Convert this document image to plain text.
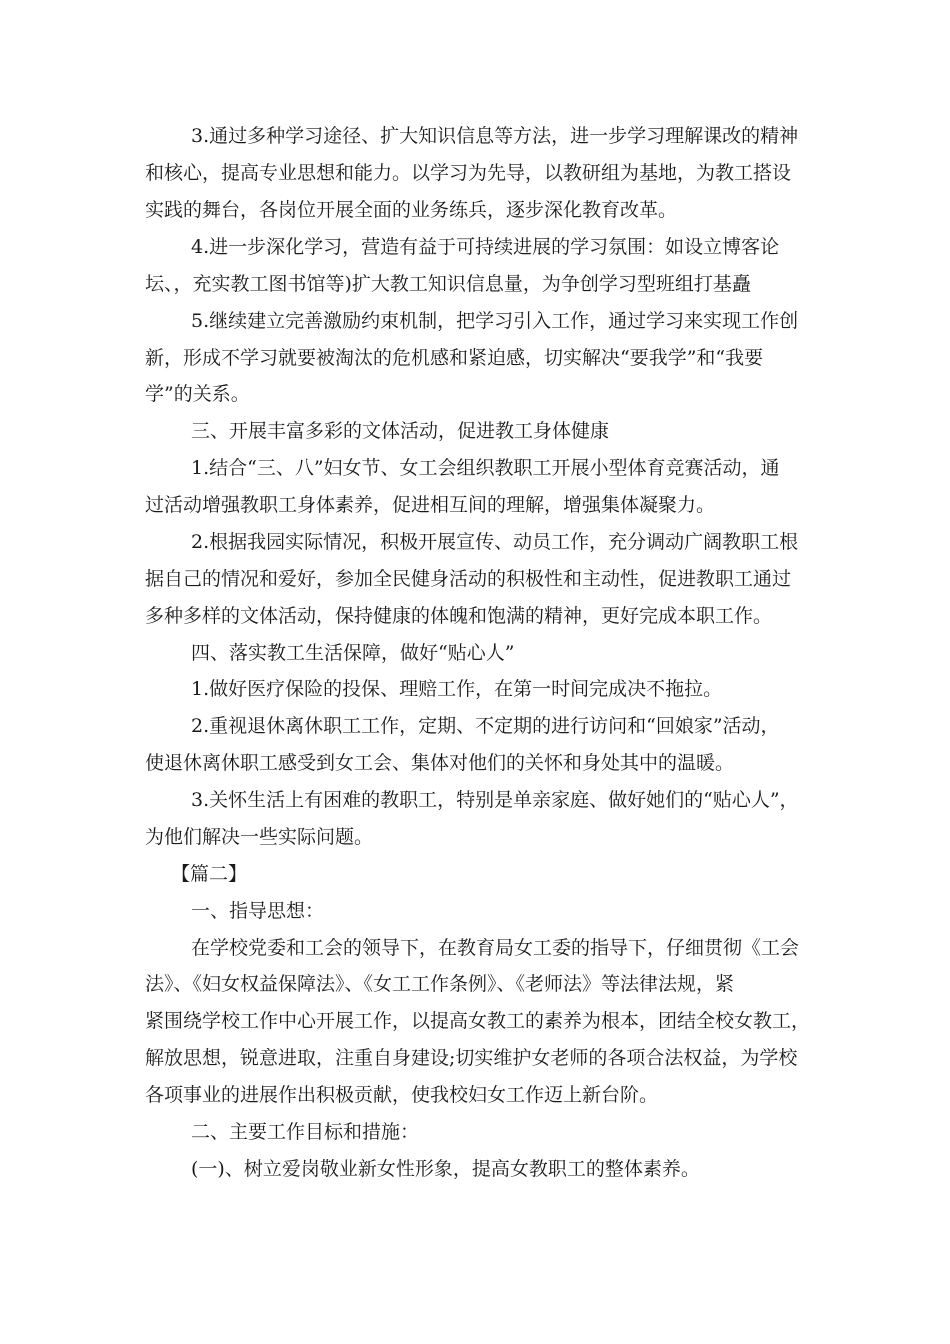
3.通过多种学习途径、扩大知识信息等方法，进一步学习理解课改的精神
和核心，提高专业思想和能力。以学习为先导，以教研组为基地，为教工搭设
实践的舞台，各岗位开展全面的业务练兵，逐步深化教育改革。
4.进一步深化学习，营造有益于可持续进展的学习氛围：如设立博客论
坛、，充实教工图书馆等)扩大教工知识信息量，为争创学习型班组打基矗
5.继续建立完善激励约束机制，把学习引入工作，通过学习来实现工作创
新，形成不学习就要被淘汰的危机感和紧迫感，切实解决“要我学”和“我要
学”的关系。
三、开展丰富多彩的文体活动，促进教工身体健康
1.结合“三、八”妇女节、女工会组织教职工开展小型体育竞赛活动，通
过活动增强教职工身体素养，促进相互间的理解，增强集体凝聚力。
2.根据我园实际情况，积极开展宣传、动员工作，充分调动广阔教职工根
据自己的情况和爱好，参加全民健身活动的积极性和主动性，促进教职工通过
多种多样的文体活动，保持健康的体魄和饱满的精神，更好完成本职工作。
四、落实教工生活保障，做好“贴心人”
1.做好医疗保险的投保、理赔工作，在第一时间完成决不拖拉。
2.重视退休离休职工工作，定期、不定期的进行访问和“回娘家”活动，
使退休离休职工感受到女工会、集体对他们的关怀和身处其中的温暖。
3.关怀生活上有困难的教职工，特别是单亲家庭、做好她们的“贴心人”，
为他们解决一些实际问题。
【篇二】
一、指导思想：
在学校党委和工会的领导下，在教育局女工委的指导下，仔细贯彻《工会
法》、《妇女权益保障法》、《女工工作条例》、《老师法》等法律法规，紧
紧围绕学校工作中心开展工作，以提高女教工的素养为根本，团结全校女教工，
解放思想，锐意进取，注重自身建设;切实维护女老师的各项合法权益，为学校
各项事业的进展作出积极贡献，使我校妇女工作迈上新台阶。
二、主要工作目标和措施：
(一)、树立爱岗敬业新女性形象，提高女教职工的整体素养。
